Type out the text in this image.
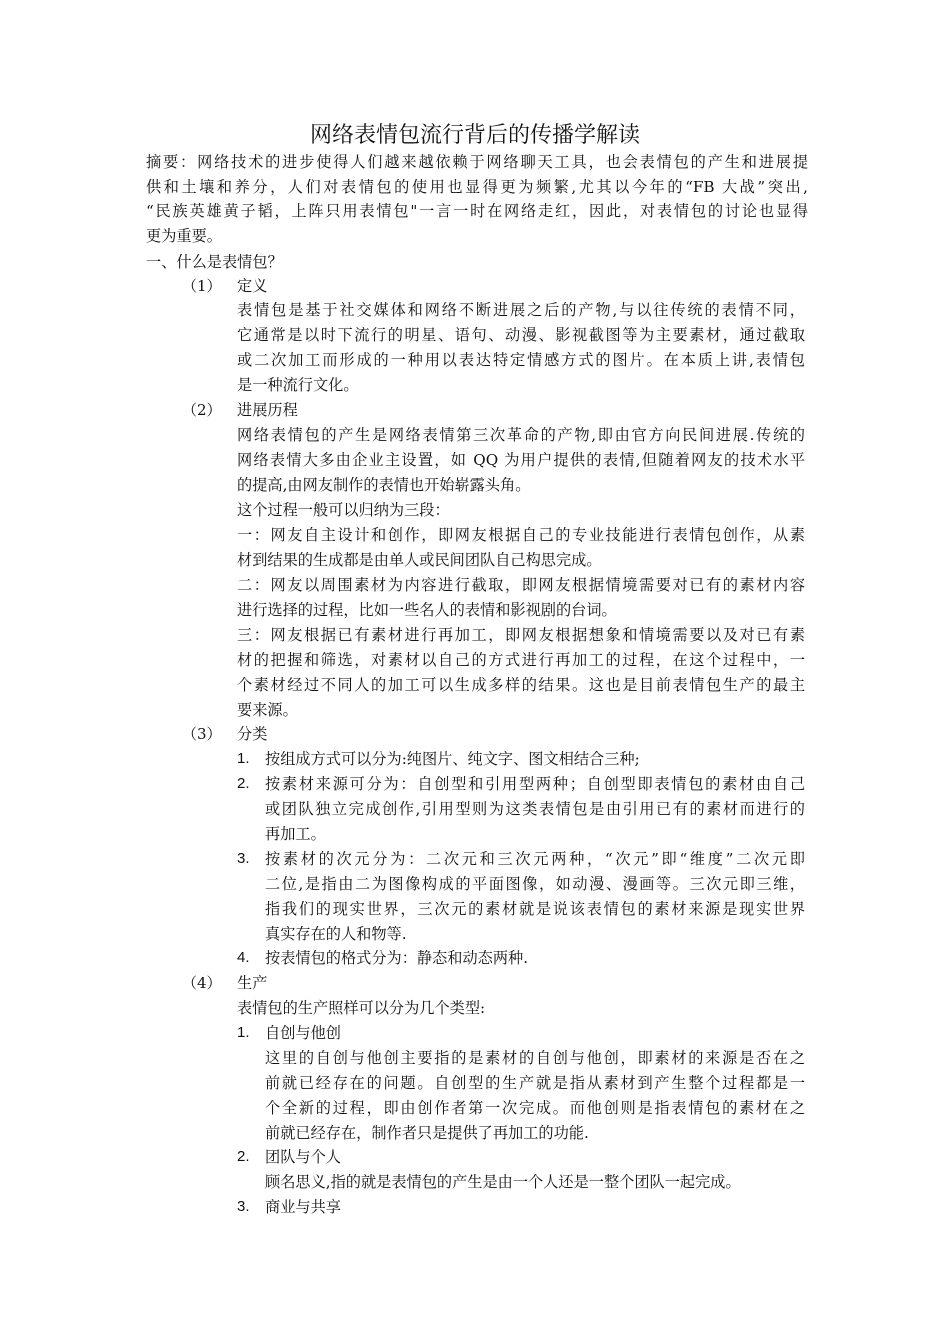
网络表情包流行背后的传播学解读
摘要：网络技术的进步使得人们越来越依赖于网络聊天工具，也会表情包的产生和进展提
供和土壤和养分，人们对表情包的使用也显得更为频繁,尤其以今年的“FB 大战”突出,
“民族英雄黄子韬，上阵只用表情包"一言一时在网络走红，因此，对表情包的讨论也显得
更为重要。
一、什么是表情包？
（1） 定义
表情包是基于社交媒体和网络不断进展之后的产物,与以往传统的表情不同，
它通常是以时下流行的明星、语句、动漫、影视截图等为主要素材，通过截取
或二次加工而形成的一种用以表达特定情感方式的图片。在本质上讲,表情包
是一种流行文化。
（2） 进展历程
网络表情包的产生是网络表情第三次革命的产物,即由官方向民间进展.传统的
网络表情大多由企业主设置，如 QQ 为用户提供的表情,但随着网友的技术水平
的提高,由网友制作的表情也开始崭露头角。
这个过程一般可以归纳为三段：
一：网友自主设计和创作，即网友根据自己的专业技能进行表情包创作，从素
材到结果的生成都是由单人或民间团队自己构思完成。
二：网友以周围素材为内容进行截取，即网友根据情境需要对已有的素材内容
进行选择的过程，比如一些名人的表情和影视剧的台词。
三：网友根据已有素材进行再加工，即网友根据想象和情境需要以及对已有素
材的把握和筛选，对素材以自己的方式进行再加工的过程，在这个过程中，一
个素材经过不同人的加工可以生成多样的结果。这也是目前表情包生产的最主
要来源。
（3） 分类
1. 按组成方式可以分为:纯图片、纯文字、图文相结合三种;
2. 按素材来源可分为：自创型和引用型两种；自创型即表情包的素材由自己
或团队独立完成创作,引用型则为这类表情包是由引用已有的素材而进行的
再加工。
3. 按素材的次元分为：二次元和三次元两种，“次元”即“维度”二次元即
二位,是指由二为图像构成的平面图像，如动漫、漫画等。三次元即三维，
指我们的现实世界，三次元的素材就是说该表情包的素材来源是现实世界
真实存在的人和物等.
4. 按表情包的格式分为：静态和动态两种.
（4） 生产
表情包的生产照样可以分为几个类型:
1. 自创与他创
这里的自创与他创主要指的是素材的自创与他创，即素材的来源是否在之
前就已经存在的问题。自创型的生产就是指从素材到产生整个过程都是一
个全新的过程，即由创作者第一次完成。而他创则是指表情包的素材在之
前就已经存在，制作者只是提供了再加工的功能.
2. 团队与个人
顾名思义,指的就是表情包的产生是由一个人还是一整个团队一起完成。
3. 商业与共享
